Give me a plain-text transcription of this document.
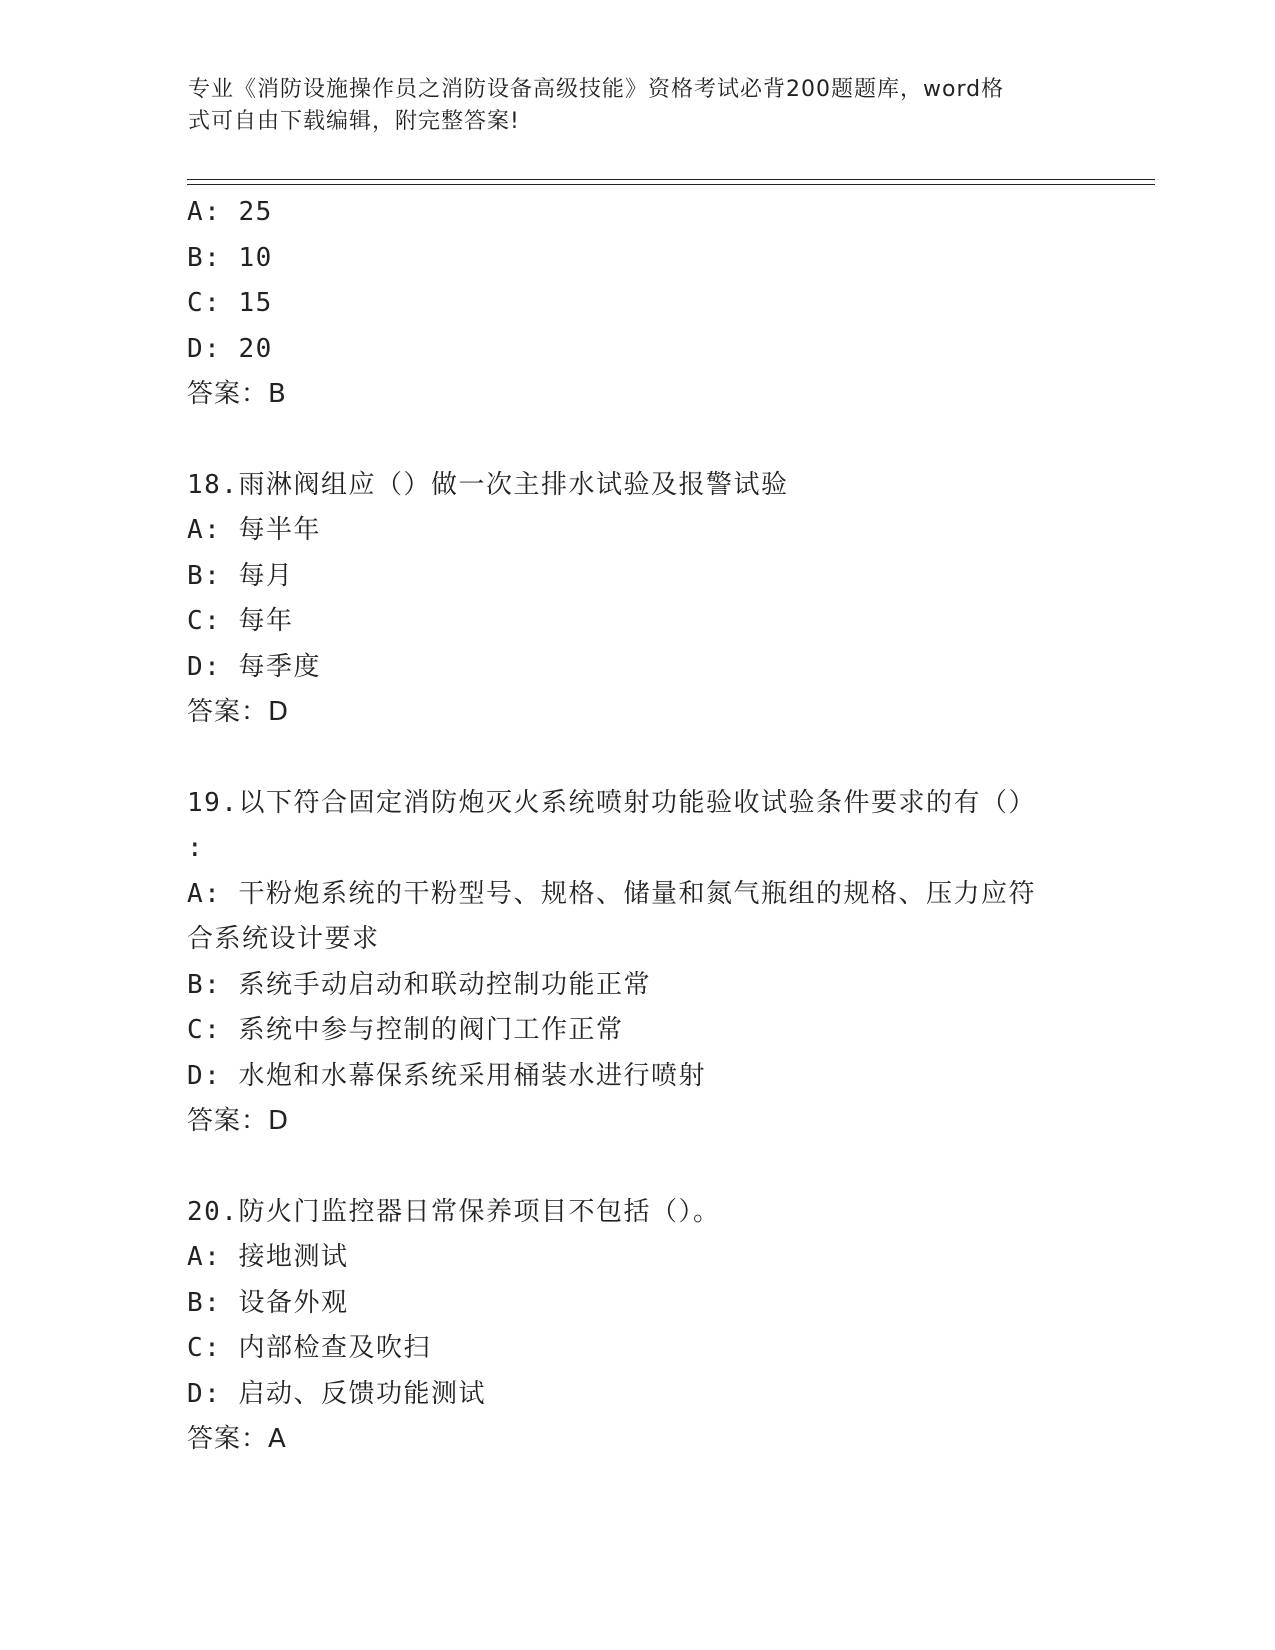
专业《消防设施操作员之消防设备高级技能》资格考试必背200题题库，word格
式可自由下载编辑，附完整答案!
A: 25
B: 10
C: 15
D: 20
答案：B
18.雨淋阀组应（）做一次主排水试验及报警试验
A: 每半年
B: 每月
C: 每年
D: 每季度
答案：D
19.以下符合固定消防炮灭火系统喷射功能验收试验条件要求的有（）
:
A: 干粉炮系统的干粉型号、规格、储量和氮气瓶组的规格、压力应符
合系统设计要求
B: 系统手动启动和联动控制功能正常
C: 系统中参与控制的阀门工作正常
D: 水炮和水幕保系统采用桶装水进行喷射
答案：D
20.防火门监控器日常保养项目不包括（）。
A: 接地测试
B: 设备外观
C: 内部检查及吹扫
D: 启动、反馈功能测试
答案：A
